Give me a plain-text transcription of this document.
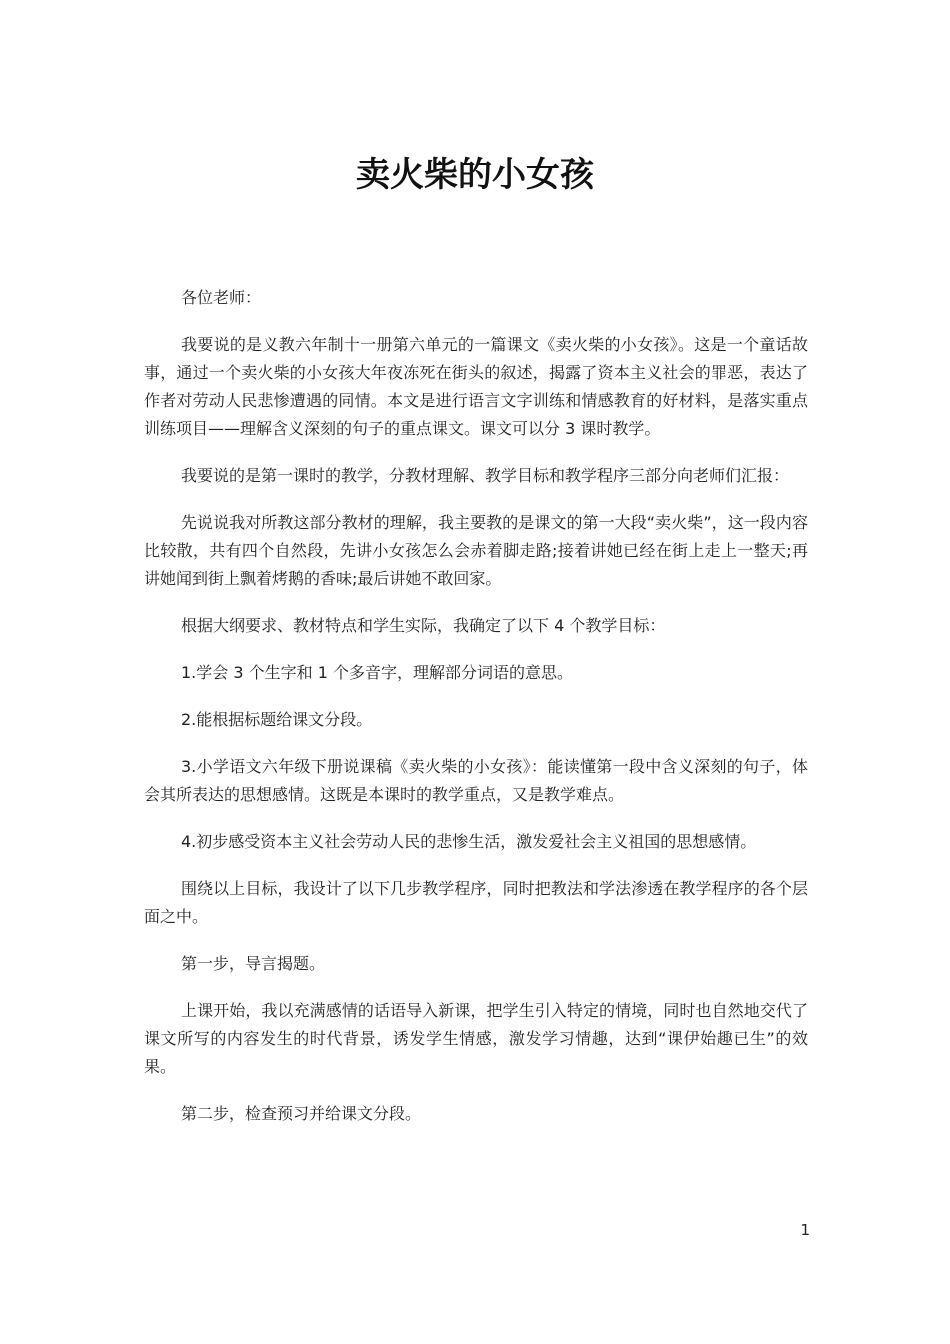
卖火柴的小女孩

各位老师：

我要说的是义教六年制十一册第六单元的一篇课文《卖火柴的小女孩》。这是一个童话故事，通过一个卖火柴的小女孩大年夜冻死在街头的叙述，揭露了资本主义社会的罪恶，表达了作者对劳动人民悲惨遭遇的同情。本文是进行语言文字训练和情感教育的好材料，是落实重点训练项目——理解含义深刻的句子的重点课文。课文可以分 3 课时教学。

我要说的是第一课时的教学，分教材理解、教学目标和教学程序三部分向老师们汇报：

先说说我对所教这部分教材的理解，我主要教的是课文的第一大段“卖火柴”，这一段内容比较散，共有四个自然段，先讲小女孩怎么会赤着脚走路;接着讲她已经在街上走上一整天;再讲她闻到街上飘着烤鹅的香味;最后讲她不敢回家。

根据大纲要求、教材特点和学生实际，我确定了以下 4 个教学目标：

1.学会 3 个生字和 1 个多音字，理解部分词语的意思。

2.能根据标题给课文分段。

3.小学语文六年级下册说课稿《卖火柴的小女孩》：能读懂第一段中含义深刻的句子，体会其所表达的思想感情。这既是本课时的教学重点，又是教学难点。

4.初步感受资本主义社会劳动人民的悲惨生活，激发爱社会主义祖国的思想感情。

围绕以上目标，我设计了以下几步教学程序，同时把教法和学法渗透在教学程序的各个层面之中。

第一步，导言揭题。

上课开始，我以充满感情的话语导入新课，把学生引入特定的情境，同时也自然地交代了课文所写的内容发生的时代背景，诱发学生情感，激发学习情趣，达到“课伊始趣已生”的效果。

第二步，检查预习并给课文分段。

1
